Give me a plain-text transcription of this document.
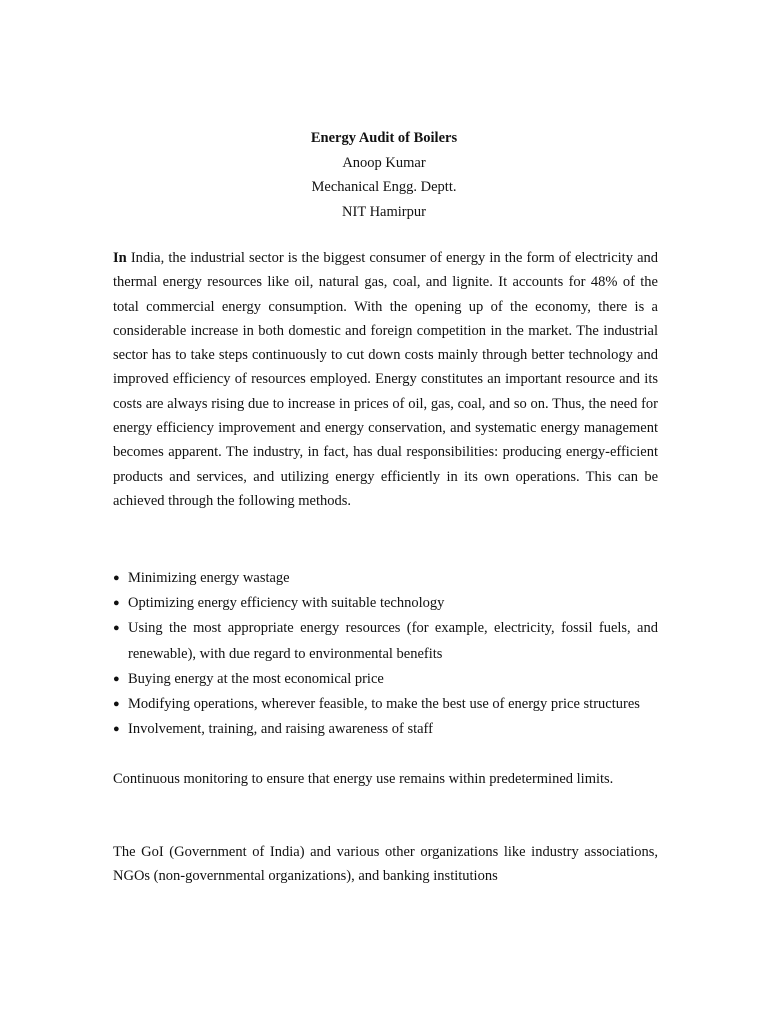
Energy Audit of Boilers
Anoop Kumar
Mechanical Engg. Deptt.
NIT Hamirpur

In India, the industrial sector is the biggest consumer of energy in the form of electricity and thermal energy resources like oil, natural gas, coal, and lignite. It accounts for 48% of the total commercial energy consumption. With the opening up of the economy, there is a considerable increase in both domestic and foreign competition in the market. The industrial sector has to take steps continuously to cut down costs mainly through better technology and improved efficiency of resources employed. Energy constitutes an important resource and its costs are always rising due to increase in prices of oil, gas, coal, and so on. Thus, the need for energy efficiency improvement and energy conservation, and systematic energy management becomes apparent. The industry, in fact, has dual responsibilities: producing energy-efficient products and services, and utilizing energy efficiently in its own operations. This can be achieved through the following methods.

● Minimizing energy wastage
● Optimizing energy efficiency with suitable technology
● Using the most appropriate energy resources (for example, electricity, fossil fuels, and renewable), with due regard to environmental benefits
● Buying energy at the most economical price
● Modifying operations, wherever feasible, to make the best use of energy price structures
● Involvement, training, and raising awareness of staff

Continuous monitoring to ensure that energy use remains within predetermined limits.

The GoI (Government of India) and various other organizations like industry associations, NGOs (non-governmental organizations), and banking institutions
